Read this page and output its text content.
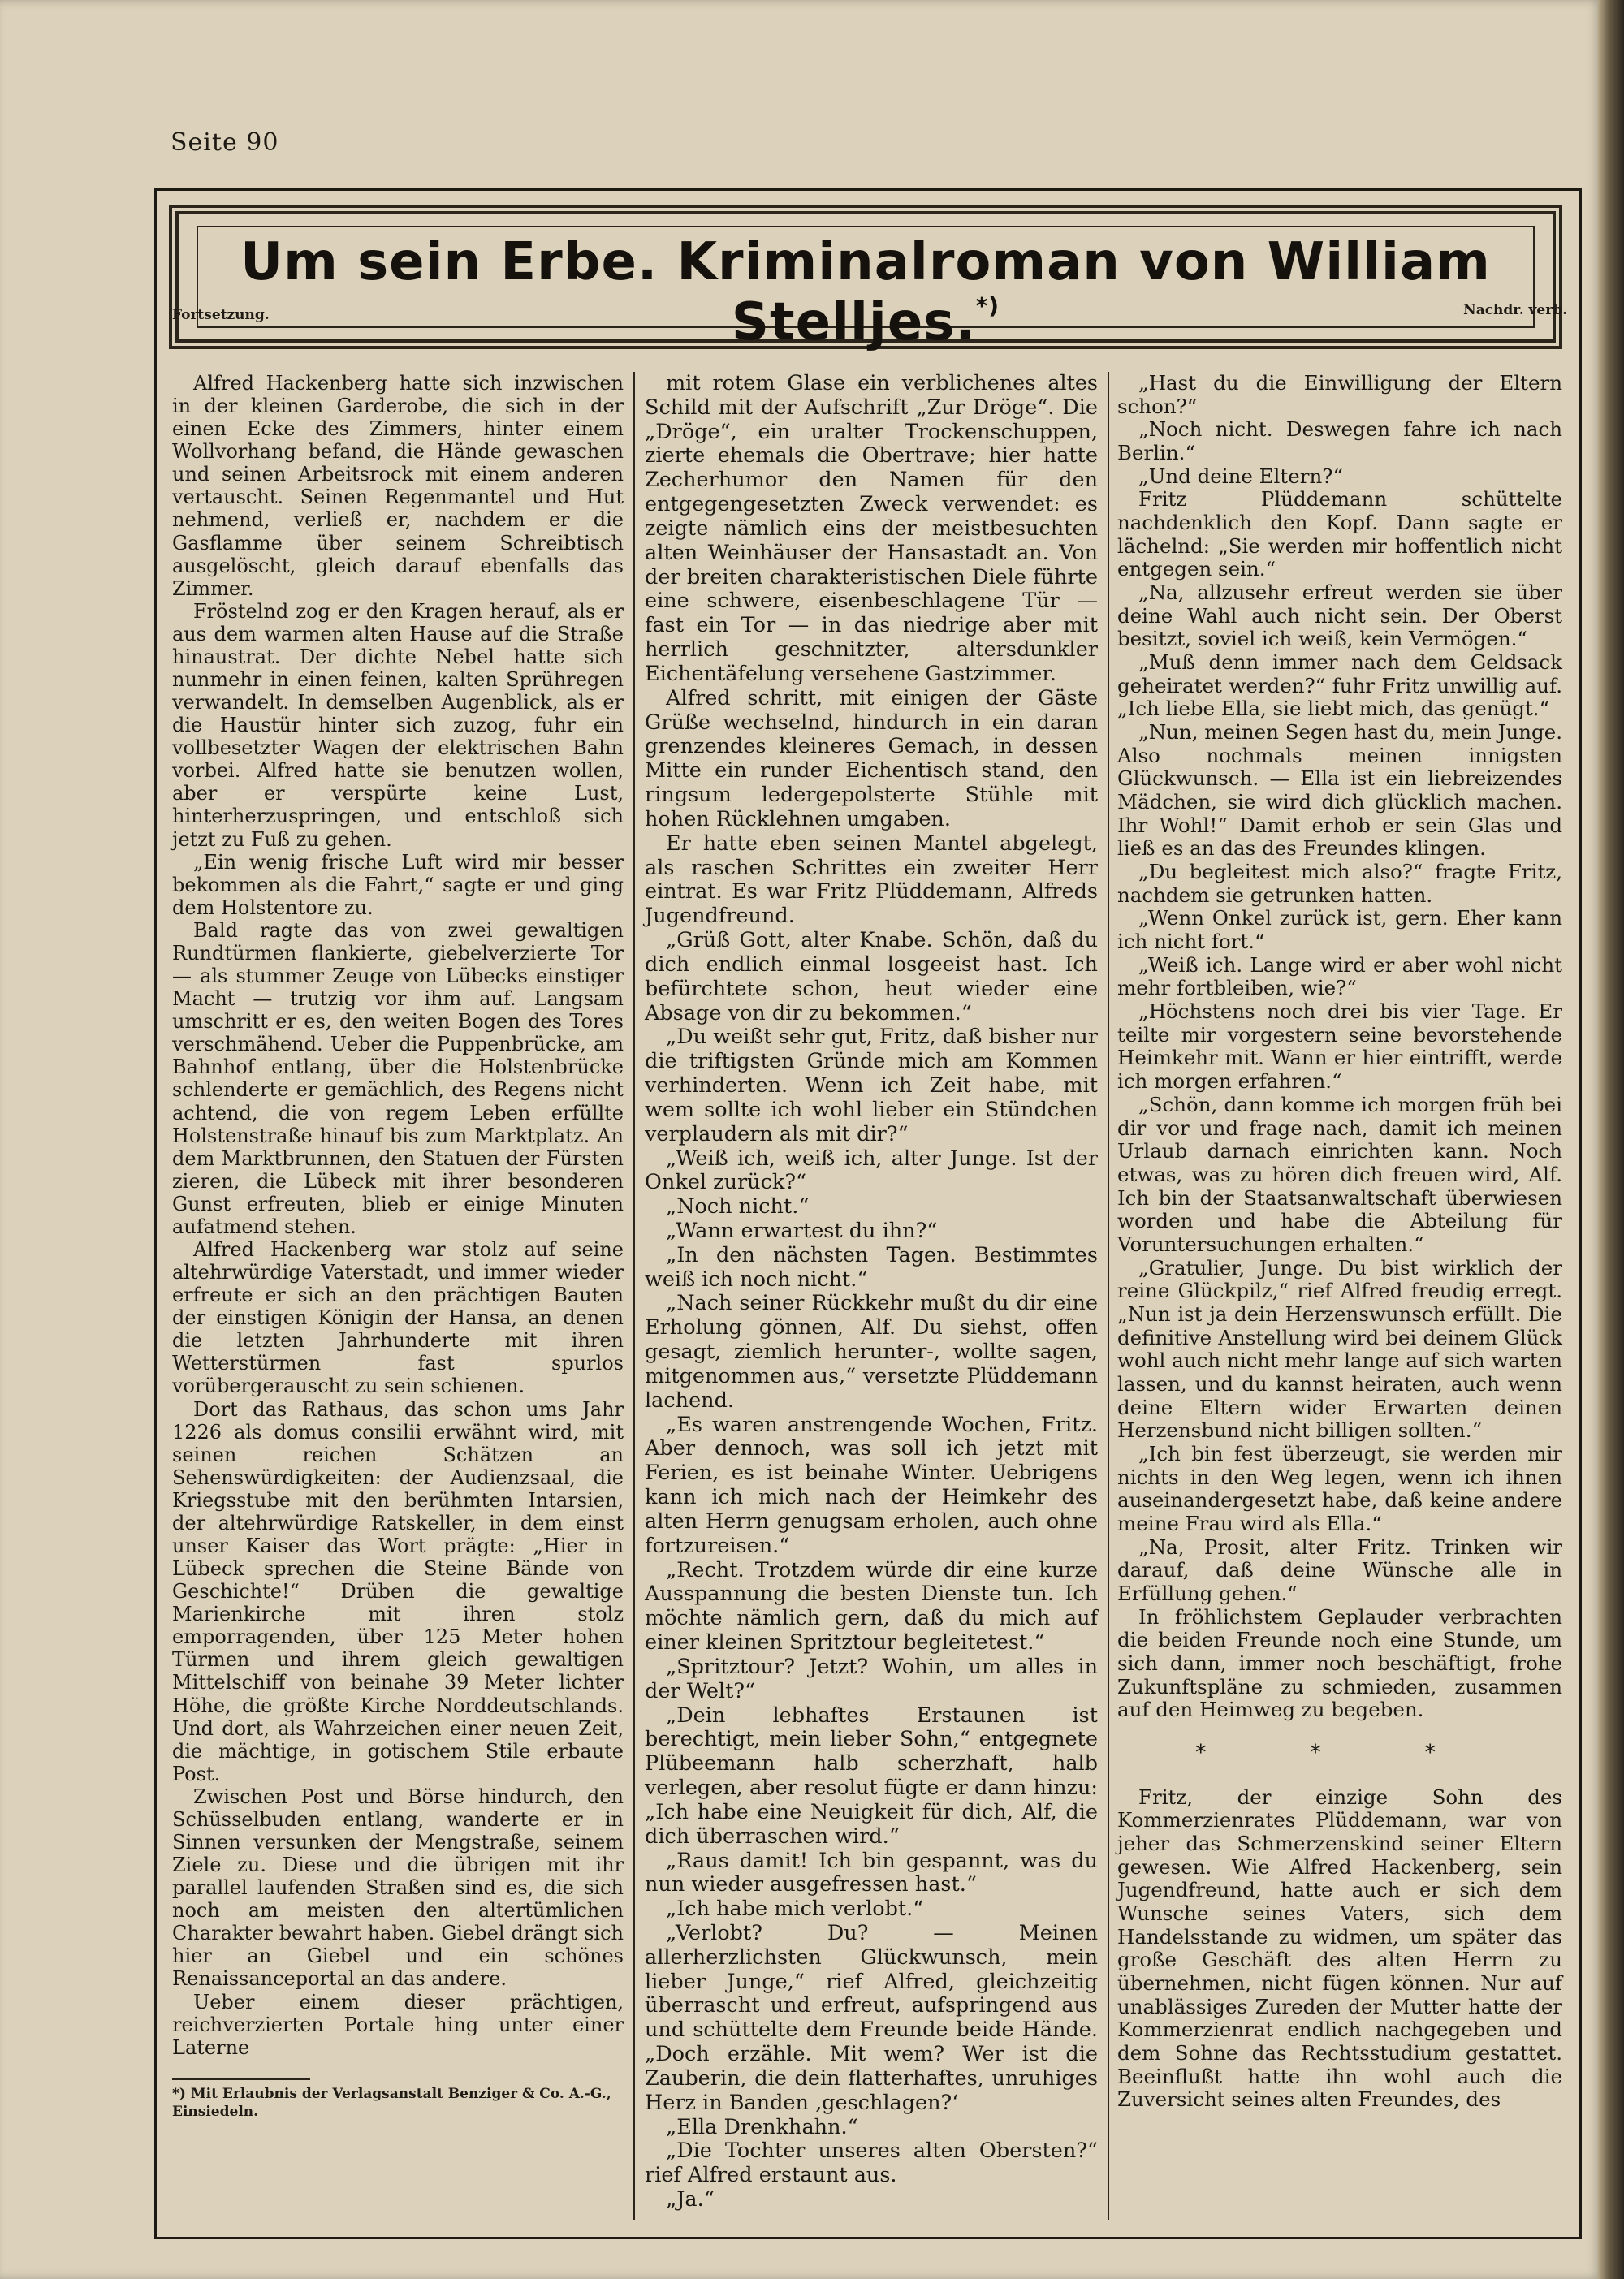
Seite 90
Um sein Erbe. Kriminalroman von William Stelljes.*)
Fortsetzung.	Nachdr. verb.

Alfred Hackenberg hatte sich inzwischen in der kleinen Garderobe, die sich in der einen Ecke des Zimmers, hinter einem Wollvorhang befand, die Hände gewaschen und seinen Arbeitsrock mit einem anderen vertauscht. Seinen Regenmantel und Hut nehmend, verließ er, nachdem er die Gasflamme über seinem Schreibtisch ausgelöscht, gleich darauf ebenfalls das Zimmer.

Fröstelnd zog er den Kragen herauf, als er aus dem warmen alten Hause auf die Straße hinaustrat. Der dichte Nebel hatte sich nunmehr in einen feinen, kalten Sprühregen verwandelt. In demselben Augenblick, als er die Haustür hinter sich zuzog, fuhr ein vollbesetzter Wagen der elektrischen Bahn vorbei. Alfred hatte sie benutzen wollen, aber er verspürte keine Lust, hinterherzuspringen, und entschloß sich jetzt zu Fuß zu gehen.

„Ein wenig frische Luft wird mir besser bekommen als die Fahrt,“ sagte er und ging dem Holstentore zu.

Bald ragte das von zwei gewaltigen Rundtürmen flankierte, giebelverzierte Tor — als stummer Zeuge von Lübecks einstiger Macht — trutzig vor ihm auf. Langsam umschritt er es, den weiten Bogen des Tores verschmähend. Ueber die Puppenbrücke, am Bahnhof entlang, über die Holstenbrücke schlenderte er gemächlich, des Regens nicht achtend, die von regem Leben erfüllte Holstenstraße hinauf bis zum Marktplatz. An dem Marktbrunnen, den Statuen der Fürsten zieren, die Lübeck mit ihrer besonderen Gunst erfreuten, blieb er einige Minuten aufatmend stehen.

Alfred Hackenberg war stolz auf seine altehrwürdige Vaterstadt, und immer wieder erfreute er sich an den prächtigen Bauten der einstigen Königin der Hansa, an denen die letzten Jahrhunderte mit ihren Wetterstürmen fast spurlos vorübergerauscht zu sein schienen.

Dort das Rathaus, das schon ums Jahr 1226 als domus consilii erwähnt wird, mit seinen reichen Schätzen an Sehenswürdigkeiten: der Audienzsaal, die Kriegsstube mit den berühmten Intarsien, der altehrwürdige Ratskeller, in dem einst unser Kaiser das Wort prägte: „Hier in Lübeck sprechen die Steine Bände von Geschichte!“ Drüben die gewaltige Marienkirche mit ihren stolz emporragenden, über 125 Meter hohen Türmen und ihrem gleich gewaltigen Mittelschiff von beinahe 39 Meter lichter Höhe, die größte Kirche Norddeutschlands. Und dort, als Wahrzeichen einer neuen Zeit, die mächtige, in gotischem Stile erbaute Post.

Zwischen Post und Börse hindurch, den Schüsselbuden entlang, wanderte er in Sinnen versunken der Mengstraße, seinem Ziele zu. Diese und die übrigen mit ihr parallel laufenden Straßen sind es, die sich noch am meisten den altertümlichen Charakter bewahrt haben. Giebel drängt sich hier an Giebel und ein schönes Renaissanceportal an das andere.

Ueber einem dieser prächtigen, reichverzierten Portale hing unter einer Laterne

mit rotem Glase ein verblichenes altes Schild mit der Aufschrift „Zur Dröge“. Die „Dröge“, ein uralter Trockenschuppen, zierte ehemals die Obertrave; hier hatte Zecherhumor den Namen für den entgegengesetzten Zweck verwendet: es zeigte nämlich eins der meistbesuchten alten Weinhäuser der Hansastadt an. Von der breiten charakteristischen Diele führte eine schwere, eisenbeschlagene Tür — fast ein Tor — in das niedrige aber mit herrlich geschnitzter, altersdunkler Eichentäfelung versehene Gastzimmer.

Alfred schritt, mit einigen der Gäste Grüße wechselnd, hindurch in ein daran grenzendes kleineres Gemach, in dessen Mitte ein runder Eichentisch stand, den ringsum ledergepolsterte Stühle mit hohen Rücklehnen umgaben.

Er hatte eben seinen Mantel abgelegt, als raschen Schrittes ein zweiter Herr eintrat. Es war Fritz Plüddemann, Alfreds Jugendfreund.

„Grüß Gott, alter Knabe. Schön, daß du dich endlich einmal losgeeist hast. Ich befürchtete schon, heut wieder eine Absage von dir zu bekommen.“

„Du weißt sehr gut, Fritz, daß bisher nur die triftigsten Gründe mich am Kommen verhinderten. Wenn ich Zeit habe, mit wem sollte ich wohl lieber ein Stündchen verplaudern als mit dir?“

„Weiß ich, weiß ich, alter Junge. Ist der Onkel zurück?“

„Noch nicht.“

„Wann erwartest du ihn?“

„In den nächsten Tagen. Bestimmtes weiß ich noch nicht.“

„Nach seiner Rückkehr mußt du dir eine Erholung gönnen, Alf. Du siehst, offen gesagt, ziemlich herunter-, wollte sagen, mitgenommen aus,“ versetzte Plüddemann lachend.

„Es waren anstrengende Wochen, Fritz. Aber dennoch, was soll ich jetzt mit Ferien, es ist beinahe Winter. Uebrigens kann ich mich nach der Heimkehr des alten Herrn genugsam erholen, auch ohne fortzureisen.“

„Recht. Trotzdem würde dir eine kurze Ausspannung die besten Dienste tun. Ich möchte nämlich gern, daß du mich auf einer kleinen Spritztour begleitetest.“

„Spritztour? Jetzt? Wohin, um alles in der Welt?“

„Dein lebhaftes Erstaunen ist berechtigt, mein lieber Sohn,“ entgegnete Plübeemann halb scherzhaft, halb verlegen, aber resolut fügte er dann hinzu: „Ich habe eine Neuigkeit für dich, Alf, die dich überraschen wird.“

„Raus damit! Ich bin gespannt, was du nun wieder ausgefressen hast.“

„Ich habe mich verlobt.“

„Verlobt? Du? — Meinen allerherzlichsten Glückwunsch, mein lieber Junge,“ rief Alfred, gleichzeitig überrascht und erfreut, aufspringend aus und schüttelte dem Freunde beide Hände. „Doch erzähle. Mit wem? Wer ist die Zauberin, die dein flatterhaftes, unruhiges Herz in Banden ‚geschlagen?‘

„Ella Drenkhahn.“

„Die Tochter unseres alten Obersten?“ rief Alfred erstaunt aus.

„Ja.“

„Hast du die Einwilligung der Eltern schon?“

„Noch nicht. Deswegen fahre ich nach Berlin.“

„Und deine Eltern?“

Fritz Plüddemann schüttelte nachdenklich den Kopf. Dann sagte er lächelnd: „Sie werden mir hoffentlich nicht entgegen sein.“

„Na, allzusehr erfreut werden sie über deine Wahl auch nicht sein. Der Oberst besitzt, soviel ich weiß, kein Vermögen.“

„Muß denn immer nach dem Geldsack geheiratet werden?“ fuhr Fritz unwillig auf. „Ich liebe Ella, sie liebt mich, das genügt.“

„Nun, meinen Segen hast du, mein Junge. Also nochmals meinen innigsten Glückwunsch. — Ella ist ein liebreizendes Mädchen, sie wird dich glücklich machen. Ihr Wohl!“ Damit erhob er sein Glas und ließ es an das des Freundes klingen.

„Du begleitest mich also?“ fragte Fritz, nachdem sie getrunken hatten.

„Wenn Onkel zurück ist, gern. Eher kann ich nicht fort.“

„Weiß ich. Lange wird er aber wohl nicht mehr fortbleiben, wie?“

„Höchstens noch drei bis vier Tage. Er teilte mir vorgestern seine bevorstehende Heimkehr mit. Wann er hier eintrifft, werde ich morgen erfahren.“

„Schön, dann komme ich morgen früh bei dir vor und frage nach, damit ich meinen Urlaub darnach einrichten kann. Noch etwas, was zu hören dich freuen wird, Alf. Ich bin der Staatsanwaltschaft überwiesen worden und habe die Abteilung für Voruntersuchungen erhalten.“

„Gratulier, Junge. Du bist wirklich der reine Glückpilz,“ rief Alfred freudig erregt. „Nun ist ja dein Herzenswunsch erfüllt. Die definitive Anstellung wird bei deinem Glück wohl auch nicht mehr lange auf sich warten lassen, und du kannst heiraten, auch wenn deine Eltern wider Erwarten deinen Herzensbund nicht billigen sollten.“

„Ich bin fest überzeugt, sie werden mir nichts in den Weg legen, wenn ich ihnen auseinandergesetzt habe, daß keine andere meine Frau wird als Ella.“

„Na, Prosit, alter Fritz. Trinken wir darauf, daß deine Wünsche alle in Erfüllung gehen.“

In fröhlichstem Geplauder verbrachten die beiden Freunde noch eine Stunde, um sich dann, immer noch beschäftigt, frohe Zukunftspläne zu schmieden, zusammen auf den Heimweg zu begeben.

* * *

Fritz, der einzige Sohn des Kommerzienrates Plüddemann, war von jeher das Schmerzenskind seiner Eltern gewesen. Wie Alfred Hackenberg, sein Jugendfreund, hatte auch er sich dem Wunsche seines Vaters, sich dem Handelsstande zu widmen, um später das große Geschäft des alten Herrn zu übernehmen, nicht fügen können. Nur auf unablässiges Zureden der Mutter hatte der Kommerzienrat endlich nachgegeben und dem Sohne das Rechtsstudium gestattet. Beeinflußt hatte ihn wohl auch die Zuversicht seines alten Freundes, des

*) Mit Erlaubnis der Verlagsanstalt Benziger & Co. A.-G., Einsiedeln.
